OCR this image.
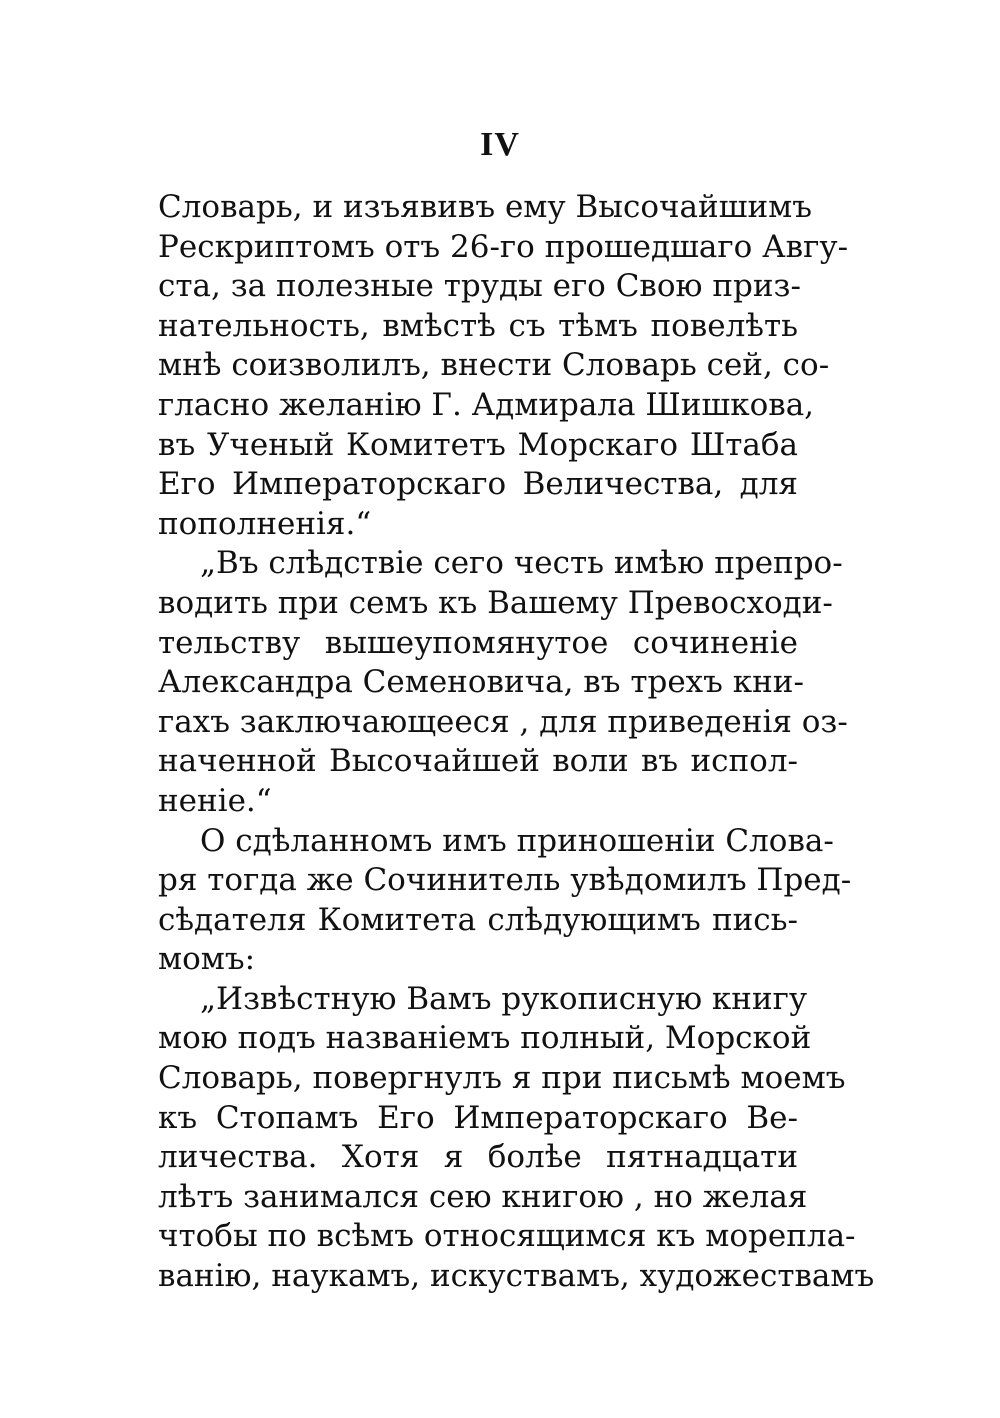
IV
Словарь, и изъявивъ ему Высочайшимъ
Рескриптомъ отъ 26-го прошедшаго Авгу-
ста, за полезные труды его Свою приз-
нательность, вмѣстѣ съ тѣмъ повелѣть
мнѣ соизволилъ, внести Словарь сей, со-
гласно желанію Г. Адмирала Шишкова,
въ Ученый Комитетъ Морскаго Штаба
Его Императорскаго Величества, для
пополненія.“
„Въ слѣдствіе сего честь имѣю препро-
водить при семъ къ Вашему Превосходи-
тельству вышеупомянутое сочиненіе
Александра Семеновича, въ трехъ кни-
гахъ заключающееся , для приведенія оз-
наченной Высочайшей воли въ испол-
неніе.“
О сдѣланномъ имъ приношеніи Слова-
ря тогда же Сочинитель увѣдомилъ Пред-
сѣдателя Комитета слѣдующимъ пись-
момъ:
„Извѣстную Вамъ рукописную книгу
мою подъ названіемъ полный, Морской
Словарь, повергнулъ я при письмѣ моемъ
къ Стопамъ Его Императорскаго Ве-
личества. Хотя я болѣе пятнадцати
лѣтъ занимался сею книгою , но желая
чтобы по всѣмъ относящимся къ морепла-
ванію, наукамъ, искуствамъ, художествамъ
